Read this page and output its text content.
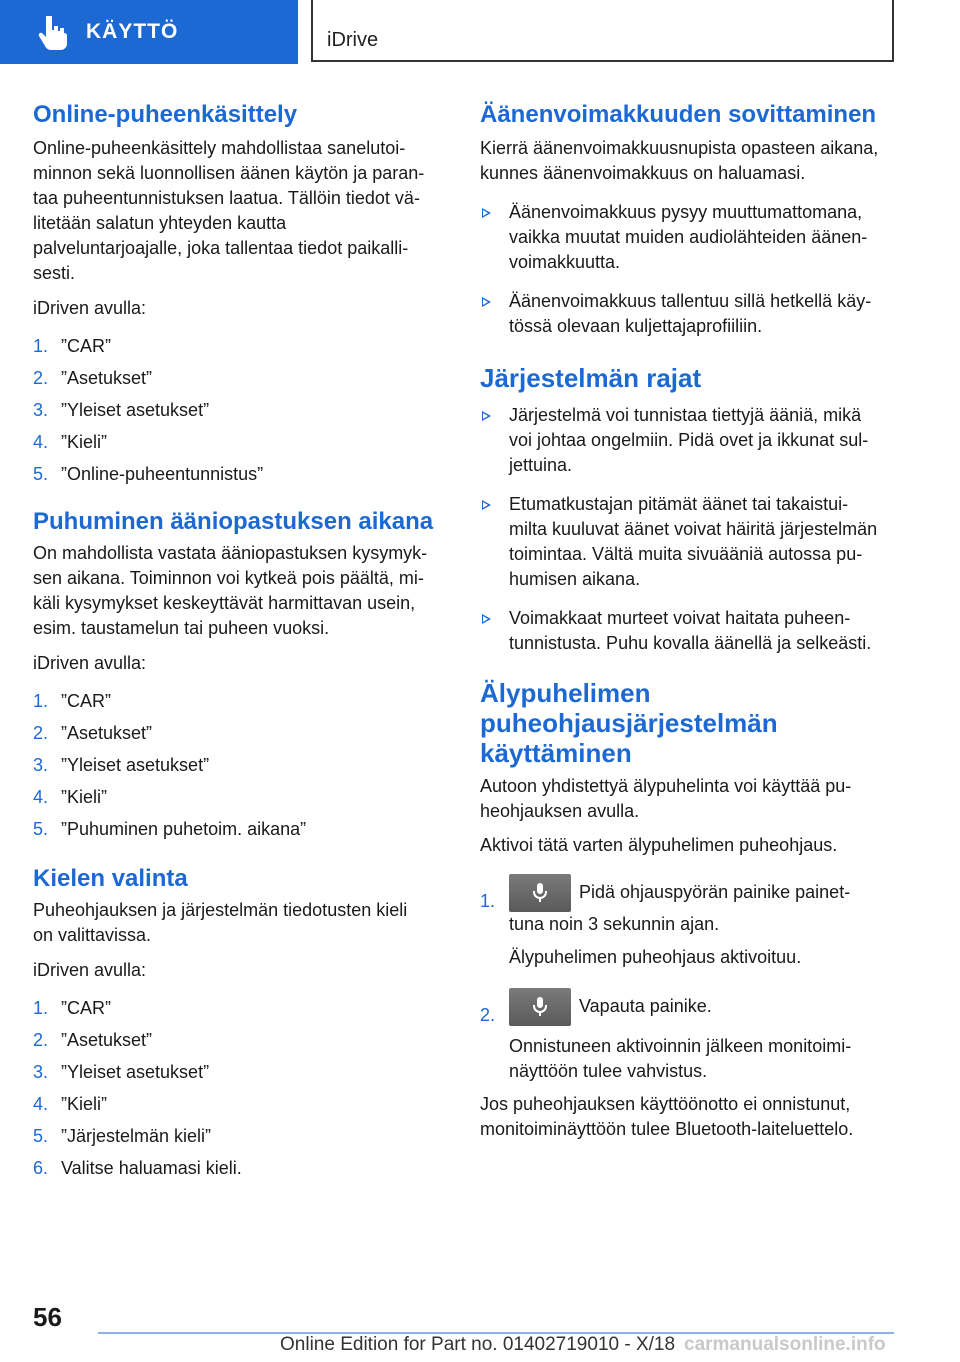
KÄYTTÖ	iDrive
Online-puheenkäsittely

Online-puheenkäsittely mahdollistaa sanelutoi-

minnon sekä luonnollisen äänen käytön ja paran-

taa puheentunnistuksen laatua. Tällöin tiedot vä-

litetään salatun yhteyden kautta

palveluntarjoajalle, joka tallentaa tiedot paikalli-

sesti.

iDriven avulla:

1. ”CAR”
2. ”Asetukset”
3. ”Yleiset asetukset”
4. ”Kieli”
5. ”Online-puheentunnistus”
Puhuminen ääniopastuksen aikana

On mahdollista vastata ääniopastuksen kysymyk-

sen aikana. Toiminnon voi kytkeä pois päältä, mi-

käli kysymykset keskeyttävät harmittavan usein,

esim. taustamelun tai puheen vuoksi.

iDriven avulla:

1. ”CAR”
2. ”Asetukset”
3. ”Yleiset asetukset”
4. ”Kieli”
5. ”Puhuminen puhetoim. aikana”
Kielen valinta

Puheohjauksen ja järjestelmän tiedotusten kieli

on valittavissa.

iDriven avulla:

1. ”CAR”
2. ”Asetukset”
3. ”Yleiset asetukset”
4. ”Kieli”
5. ”Järjestelmän kieli”
6. Valitse haluamasi kieli.
Äänenvoimakkuuden sovittaminen

Kierrä äänenvoimakkuusnupista opasteen aikana,

kunnes äänenvoimakkuus on haluamasi.

Äänenvoimakkuus pysyy muuttumattomana,
vaikka muutat muiden audiolähteiden äänen-
voimakkuutta.
Äänenvoimakkuus tallentuu sillä hetkellä käy-
tössä olevaan kuljettajaprofiiliin.
Järjestelmän rajat
Järjestelmä voi tunnistaa tiettyjä ääniä, mikä
voi johtaa ongelmiin. Pidä ovet ja ikkunat sul-
jettuina.
Etumatkustajan pitämät äänet tai takaistui-
milta kuuluvat äänet voivat häiritä järjestelmän
toimintaa. Vältä muita sivuääniä autossa pu-
humisen aikana.
Voimakkaat murteet voivat haitata puheen-
tunnistusta. Puhu kovalla äänellä ja selkeästi.
Älypuhelimen
puheohjausjärjestelmän
käyttäminen

Autoon yhdistettyä älypuhelinta voi käyttää pu-

heohjauksen avulla.

Aktivoi tätä varten älypuhelimen puheohjaus.

1.	Pidä ohjauspyörän painike painet-
tuna noin 3 sekunnin ajan.

Älypuhelimen puheohjaus aktivoituu.

2.	Vapauta painike.

Onnistuneen aktivoinnin jälkeen monitoimi-

näyttöön tulee vahvistus.

Jos puheohjauksen käyttöönotto ei onnistunut,

monitoiminäyttöön tulee Bluetooth-laiteluettelo.

56
Online Edition for Part no. 01402719010 - X/18 carmanualsonline.info
